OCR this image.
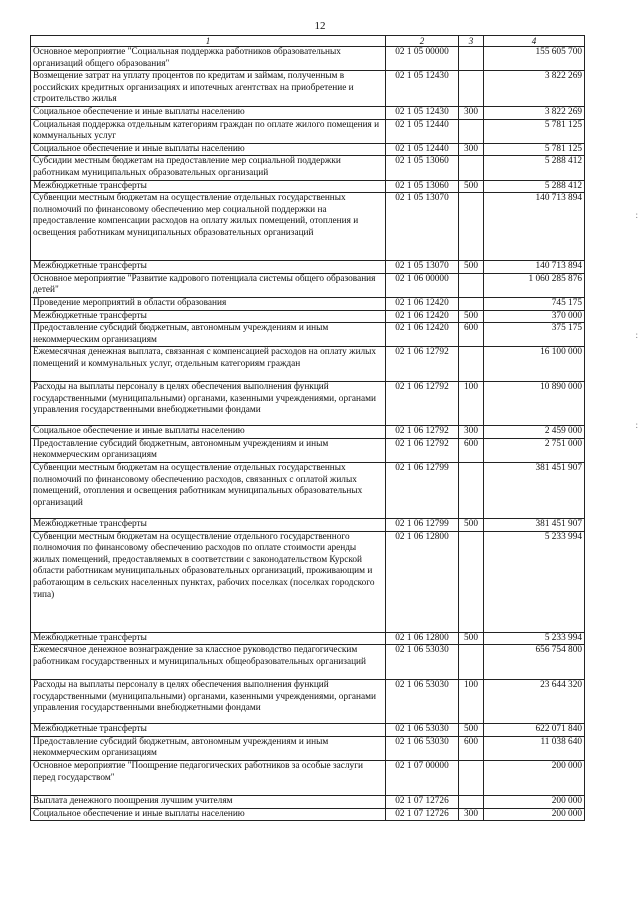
12
1	2	3	4
Основное мероприятие "Социальная поддержка работников образовательных организаций общего образования"	02 1 05 00000		155 605 700
Возмещение затрат на уплату процентов по кредитам и займам, полученным в российских кредитных организациях и ипотечных агентствах на приобретение и строительство жилья	02 1 05 12430		3 822 269
Социальное обеспечение и иные выплаты населению	02 1 05 12430	300	3 822 269
Социальная поддержка отдельным категориям граждан по оплате жилого помещения и коммунальных услуг	02 1 05 12440		5 781 125
Социальное обеспечение и иные выплаты населению	02 1 05 12440	300	5 781 125
Субсидии местным бюджетам на предоставление мер социальной поддержки работникам муниципальных образовательных организаций	02 1 05 13060		5 288 412
Межбюджетные трансферты	02 1 05 13060	500	5 288 412
Субвенции местным бюджетам на осуществление отдельных государственных полномочий по финансовому обеспечению мер социальной поддержки на предоставление компенсации расходов на оплату жилых помещений, отопления и освещения работникам муниципальных образовательных организаций	02 1 05 13070		140 713 894
Межбюджетные трансферты	02 1 05 13070	500	140 713 894
Основное мероприятие "Развитие кадрового потенциала системы общего образования детей"	02 1 06 00000		1 060 285 876
Проведение мероприятий в области образования	02 1 06 12420		745 175
Межбюджетные трансферты	02 1 06 12420	500	370 000
Предоставление субсидий бюджетным, автономным учреждениям и иным некоммерческим организациям	02 1 06 12420	600	375 175
Ежемесячная денежная выплата, связанная с компенсацией расходов на оплату жилых помещений и коммунальных услуг, отдельным категориям граждан	02 1 06 12792		16 100 000
Расходы на выплаты персоналу в целях обеспечения выполнения функций государственными (муниципальными) органами, казенными учреждениями, органами управления государственными внебюджетными фондами	02 1 06 12792	100	10 890 000
Социальное обеспечение и иные выплаты населению	02 1 06 12792	300	2 459 000
Предоставление субсидий бюджетным, автономным учреждениям и иным некоммерческим организациям	02 1 06 12792	600	2 751 000
Субвенции местным бюджетам на осуществление отдельных государственных полномочий по финансовому обеспечению расходов, связанных с оплатой жилых помещений, отопления и освещения работникам муниципальных образовательных организаций	02 1 06 12799		381 451 907
Межбюджетные трансферты	02 1 06 12799	500	381 451 907
Субвенции местным бюджетам на осуществление отдельного государственного полномочия по финансовому обеспечению расходов по оплате стоимости аренды жилых помещений, предоставляемых в соответствии с законодательством Курской области работникам муниципальных образовательных организаций, проживающим и работающим в сельских населенных пунктах, рабочих поселках (поселках городского типа)	02 1 06 12800		5 233 994
Межбюджетные трансферты	02 1 06 12800	500	5 233 994
Ежемесячное денежное вознаграждение за классное руководство педагогическим работникам государственных и муниципальных общеобразовательных организаций	02 1 06 53030		656 754 800
Расходы на выплаты персоналу в целях обеспечения выполнения функций государственными (муниципальными) органами, казенными учреждениями, органами управления государственными внебюджетными фондами	02 1 06 53030	100	23 644 320
Межбюджетные трансферты	02 1 06 53030	500	622 071 840
Предоставление субсидий бюджетным, автономным учреждениям и иным некоммерческим организациям	02 1 06 53030	600	11 038 640
Основное мероприятие "Поощрение педагогических работников за особые заслуги перед государством"	02 1 07 00000		200 000
Выплата денежного поощрения лучшим учителям	02 1 07 12726		200 000
Социальное обеспечение и иные выплаты населению	02 1 07 12726	300	200 000
:
:
:
